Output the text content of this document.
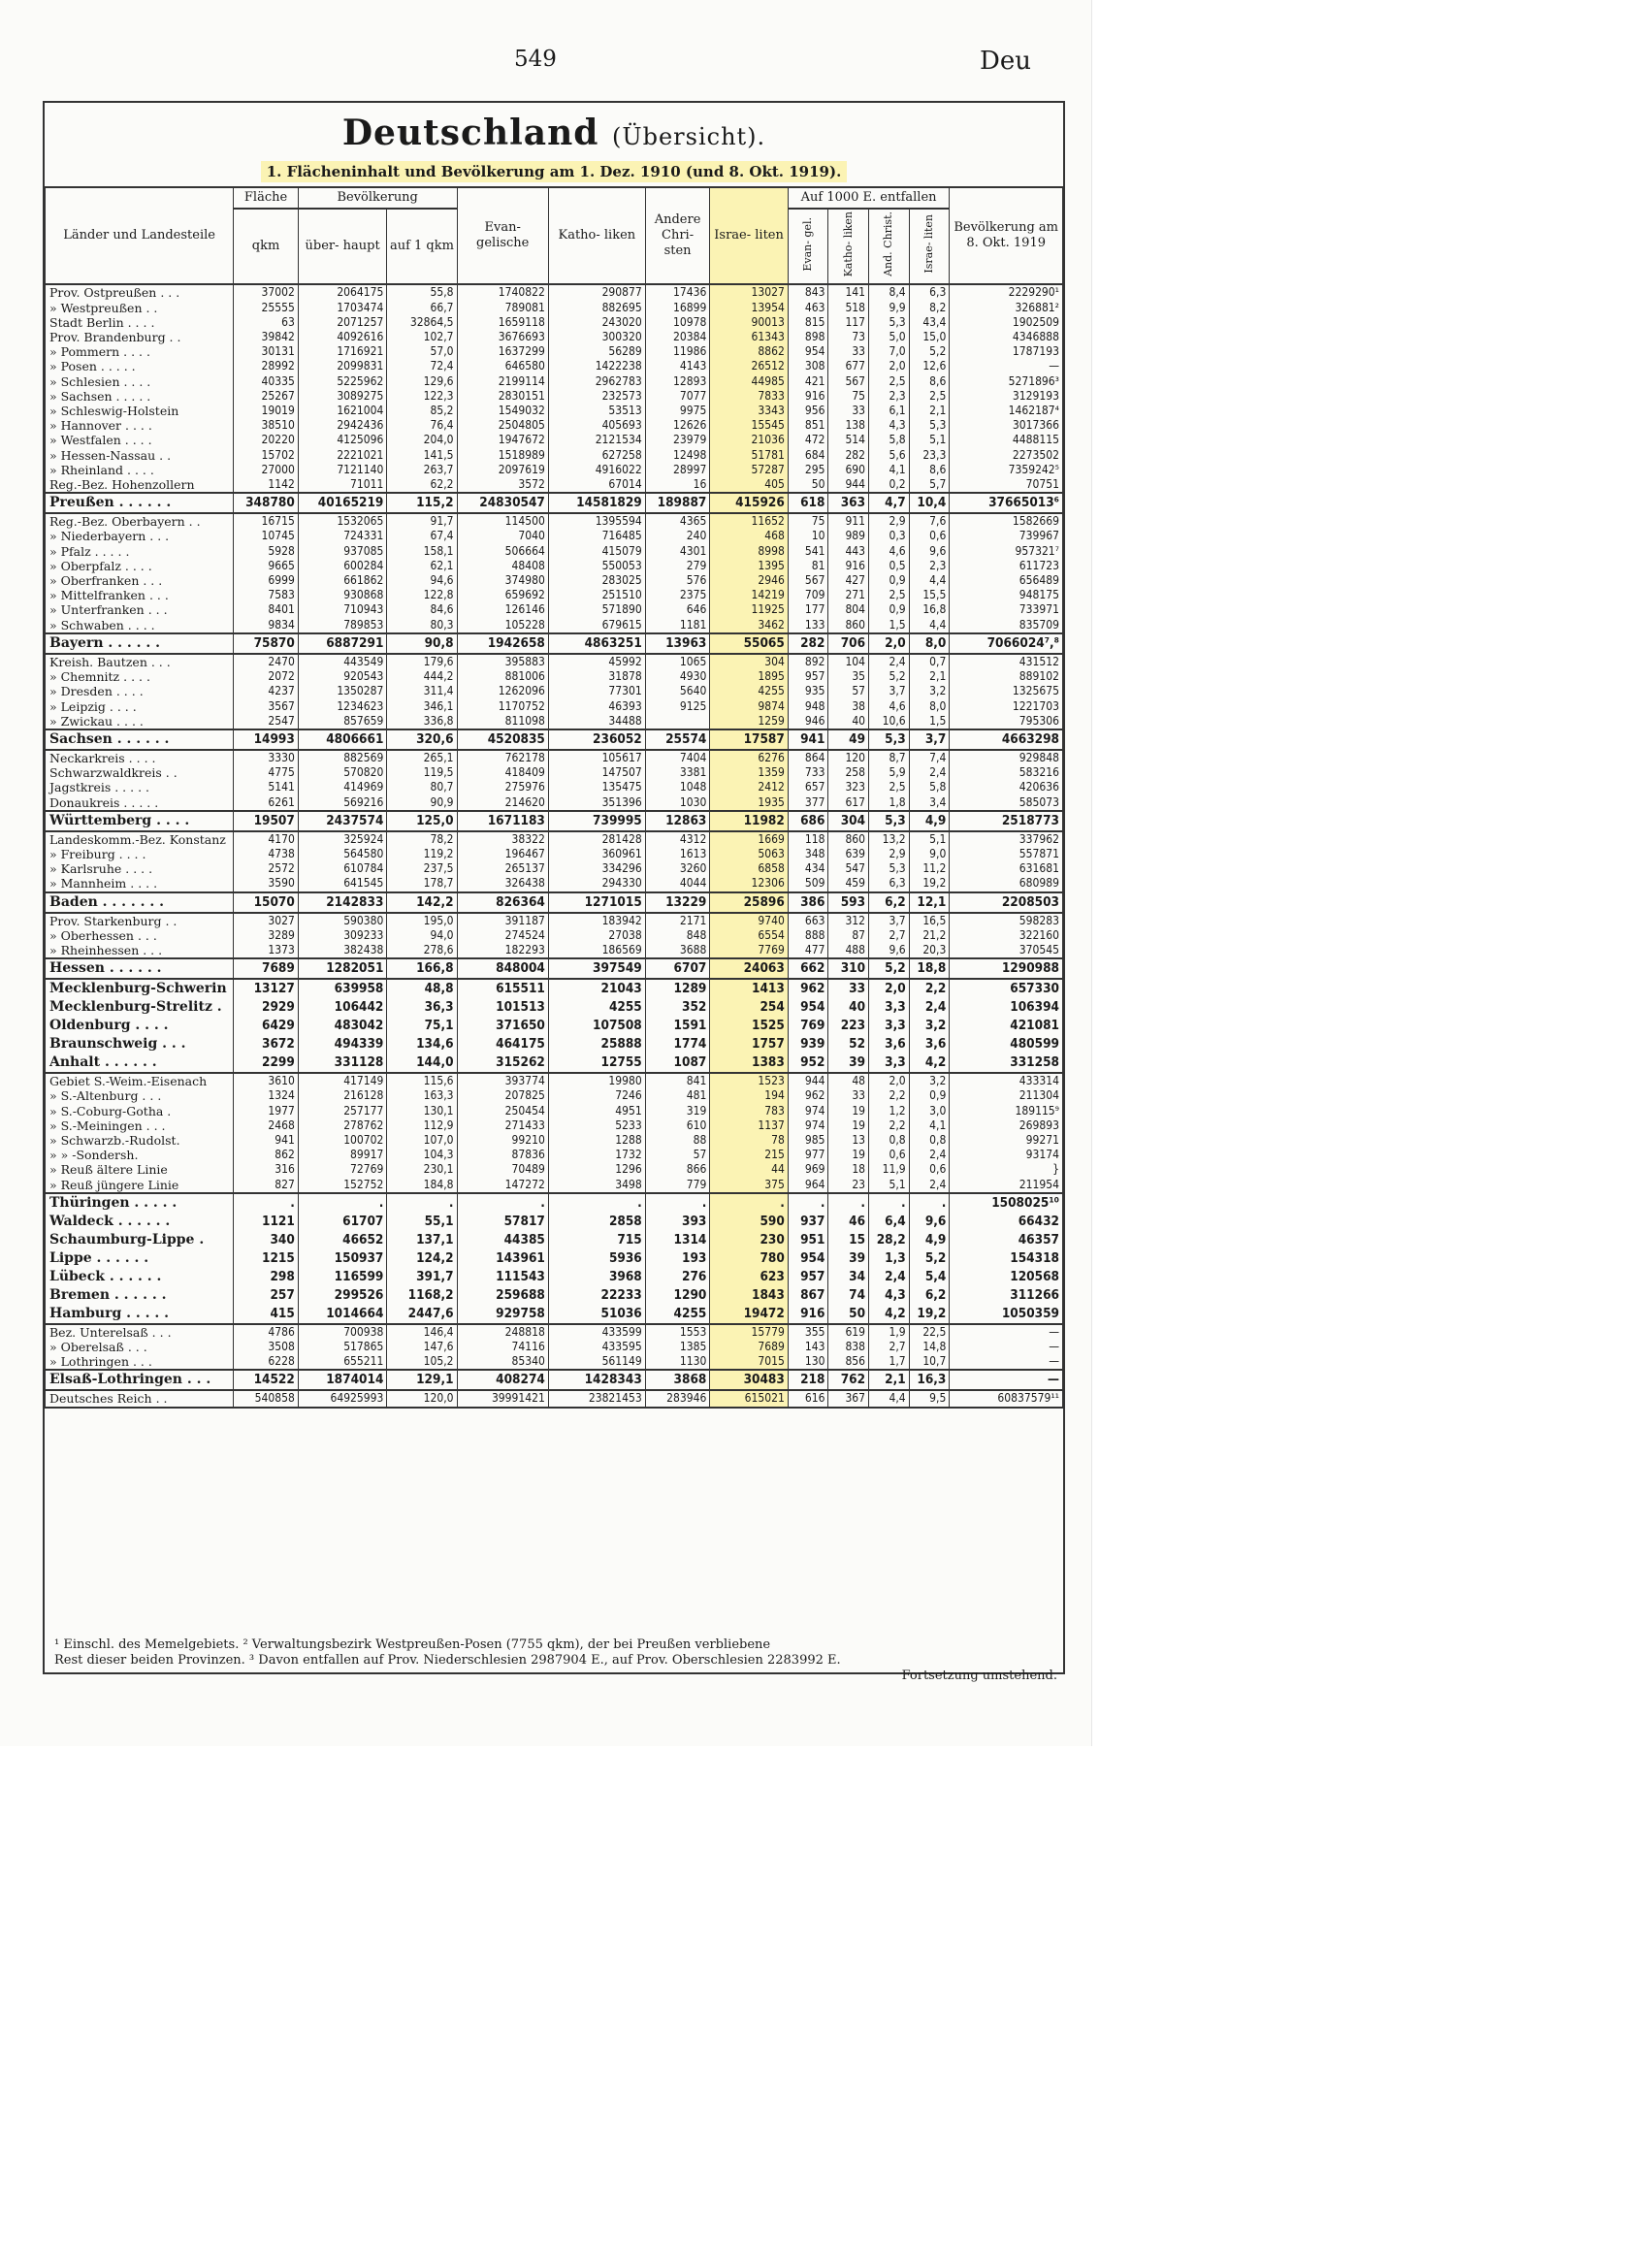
549	Deu
Deutschland (Übersicht).
1. Flächeninhalt und Bevölkerung am 1. Dez. 1910 (und 8. Okt. 1919).
Länder und Landesteile	Fläche	Bevölkerung		Evan- gelische	Katho- liken	Andere Chri- sten	Israe- liten	Auf 1000 E. entfallen				Bevölkerung am 8. Okt. 1919
	qkm	über- haupt	auf 1 qkm					Evan- gel.	Katho- liken	And. Christ.	Israe- liten	
Prov. Ostpreußen . . .	37002	2064175	55,8	1740822	290877	17436	13027	843	141	8,4	6,3	2229290¹
» Westpreußen . .	25555	1703474	66,7	789081	882695	16899	13954	463	518	9,9	8,2	326881²
Stadt Berlin . . . .	63	2071257	32864,5	1659118	243020	10978	90013	815	117	5,3	43,4	1902509
Prov. Brandenburg . .	39842	4092616	102,7	3676693	300320	20384	61343	898	73	5,0	15,0	4346888
» Pommern . . . .	30131	1716921	57,0	1637299	56289	11986	8862	954	33	7,0	5,2	1787193
» Posen . . . . .	28992	2099831	72,4	646580	1422238	4143	26512	308	677	2,0	12,6	—
» Schlesien . . . .	40335	5225962	129,6	2199114	2962783	12893	44985	421	567	2,5	8,6	5271896³
» Sachsen . . . . .	25267	3089275	122,3	2830151	232573	7077	7833	916	75	2,3	2,5	3129193
» Schleswig-Holstein	19019	1621004	85,2	1549032	53513	9975	3343	956	33	6,1	2,1	1462187⁴
» Hannover . . . .	38510	2942436	76,4	2504805	405693	12626	15545	851	138	4,3	5,3	3017366
» Westfalen . . . .	20220	4125096	204,0	1947672	2121534	23979	21036	472	514	5,8	5,1	4488115
» Hessen-Nassau . .	15702	2221021	141,5	1518989	627258	12498	51781	684	282	5,6	23,3	2273502
» Rheinland . . . .	27000	7121140	263,7	2097619	4916022	28997	57287	295	690	4,1	8,6	7359242⁵
Reg.-Bez. Hohenzollern	1142	71011	62,2	3572	67014	16	405	50	944	0,2	5,7	70751
Preußen . . . . . .	348780	40165219	115,2	24830547	14581829	189887	415926	618	363	4,7	10,4	37665013⁶
Reg.-Bez. Oberbayern . .	16715	1532065	91,7	114500	1395594	4365	11652	75	911	2,9	7,6	1582669
» Niederbayern . . .	10745	724331	67,4	7040	716485	240	468	10	989	0,3	0,6	739967
» Pfalz . . . . .	5928	937085	158,1	506664	415079	4301	8998	541	443	4,6	9,6	957321⁷
» Oberpfalz . . . .	9665	600284	62,1	48408	550053	279	1395	81	916	0,5	2,3	611723
» Oberfranken . . .	6999	661862	94,6	374980	283025	576	2946	567	427	0,9	4,4	656489
» Mittelfranken . . .	7583	930868	122,8	659692	251510	2375	14219	709	271	2,5	15,5	948175
» Unterfranken . . .	8401	710943	84,6	126146	571890	646	11925	177	804	0,9	16,8	733971
» Schwaben . . . .	9834	789853	80,3	105228	679615	1181	3462	133	860	1,5	4,4	835709
Bayern . . . . . .	75870	6887291	90,8	1942658	4863251	13963	55065	282	706	2,0	8,0	7066024⁷,⁸
Kreish. Bautzen . . .	2470	443549	179,6	395883	45992	1065	304	892	104	2,4	0,7	431512
» Chemnitz . . . .	2072	920543	444,2	881006	31878	4930	1895	957	35	5,2	2,1	889102
» Dresden . . . .	4237	1350287	311,4	1262096	77301	5640	4255	935	57	3,7	3,2	1325675
» Leipzig . . . .	3567	1234623	346,1	1170752	46393	9125	9874	948	38	4,6	8,0	1221703
» Zwickau . . . .	2547	857659	336,8	811098	34488		1259	946	40	10,6	1,5	795306
Sachsen . . . . . .	14993	4806661	320,6	4520835	236052	25574	17587	941	49	5,3	3,7	4663298
Neckarkreis . . . .	3330	882569	265,1	762178	105617	7404	6276	864	120	8,7	7,4	929848
Schwarzwaldkreis . .	4775	570820	119,5	418409	147507	3381	1359	733	258	5,9	2,4	583216
Jagstkreis . . . . .	5141	414969	80,7	275976	135475	1048	2412	657	323	2,5	5,8	420636
Donaukreis . . . . .	6261	569216	90,9	214620	351396	1030	1935	377	617	1,8	3,4	585073
Württemberg . . . .	19507	2437574	125,0	1671183	739995	12863	11982	686	304	5,3	4,9	2518773
Landeskomm.-Bez. Konstanz	4170	325924	78,2	38322	281428	4312	1669	118	860	13,2	5,1	337962
» Freiburg . . . .	4738	564580	119,2	196467	360961	1613	5063	348	639	2,9	9,0	557871
» Karlsruhe . . . .	2572	610784	237,5	265137	334296	3260	6858	434	547	5,3	11,2	631681
» Mannheim . . . .	3590	641545	178,7	326438	294330	4044	12306	509	459	6,3	19,2	680989
Baden . . . . . . .	15070	2142833	142,2	826364	1271015	13229	25896	386	593	6,2	12,1	2208503
Prov. Starkenburg . .	3027	590380	195,0	391187	183942	2171	9740	663	312	3,7	16,5	598283
» Oberhessen . . .	3289	309233	94,0	274524	27038	848	6554	888	87	2,7	21,2	322160
» Rheinhessen . . .	1373	382438	278,6	182293	186569	3688	7769	477	488	9,6	20,3	370545
Hessen . . . . . .	7689	1282051	166,8	848004	397549	6707	24063	662	310	5,2	18,8	1290988
Mecklenburg-Schwerin	13127	639958	48,8	615511	21043	1289	1413	962	33	2,0	2,2	657330
Mecklenburg-Strelitz .	2929	106442	36,3	101513	4255	352	254	954	40	3,3	2,4	106394
Oldenburg . . . .	6429	483042	75,1	371650	107508	1591	1525	769	223	3,3	3,2	421081
Braunschweig . . .	3672	494339	134,6	464175	25888	1774	1757	939	52	3,6	3,6	480599
Anhalt . . . . . .	2299	331128	144,0	315262	12755	1087	1383	952	39	3,3	4,2	331258
Gebiet S.-Weim.-Eisenach	3610	417149	115,6	393774	19980	841	1523	944	48	2,0	3,2	433314
» S.-Altenburg . . .	1324	216128	163,3	207825	7246	481	194	962	33	2,2	0,9	211304
» S.-Coburg-Gotha .	1977	257177	130,1	250454	4951	319	783	974	19	1,2	3,0	189115⁹
» S.-Meiningen . . .	2468	278762	112,9	271433	5233	610	1137	974	19	2,2	4,1	269893
» Schwarzb.-Rudolst.	941	100702	107,0	99210	1288	88	78	985	13	0,8	0,8	99271
» » -Sondersh.	862	89917	104,3	87836	1732	57	215	977	19	0,6	2,4	93174
» Reuß ältere Linie	316	72769	230,1	70489	1296	866	44	969	18	11,9	0,6	}
» Reuß jüngere Linie	827	152752	184,8	147272	3498	779	375	964	23	5,1	2,4	211954
Thüringen . . . . .	.	.	.	.	.	.	.	.	.	.	.	1508025¹⁰
Waldeck . . . . . .	1121	61707	55,1	57817	2858	393	590	937	46	6,4	9,6	66432
Schaumburg-Lippe .	340	46652	137,1	44385	715	1314	230	951	15	28,2	4,9	46357
Lippe . . . . . .	1215	150937	124,2	143961	5936	193	780	954	39	1,3	5,2	154318
Lübeck . . . . . .	298	116599	391,7	111543	3968	276	623	957	34	2,4	5,4	120568
Bremen . . . . . .	257	299526	1168,2	259688	22233	1290	1843	867	74	4,3	6,2	311266
Hamburg . . . . .	415	1014664	2447,6	929758	51036	4255	19472	916	50	4,2	19,2	1050359
Bez. Unterelsaß . . .	4786	700938	146,4	248818	433599	1553	15779	355	619	1,9	22,5	—
» Oberelsaß . . .	3508	517865	147,6	74116	433595	1385	7689	143	838	2,7	14,8	—
» Lothringen . . .	6228	655211	105,2	85340	561149	1130	7015	130	856	1,7	10,7	—
Elsaß-Lothringen . . .	14522	1874014	129,1	408274	1428343	3868	30483	218	762	2,1	16,3	—
Deutsches Reich . .	540858	64925993	120,0	39991421	23821453	283946	615021	616	367	4,4	9,5	60837579¹¹
¹ Einschl. des Memelgebiets. ² Verwaltungsbezirk Westpreußen-Posen (7755 qkm), der bei Preußen verbliebene
Rest dieser beiden Provinzen. ³ Davon entfallen auf Prov. Niederschlesien 2987904 E., auf Prov. Oberschlesien 2283992 E.
Fortsetzung umstehend.
